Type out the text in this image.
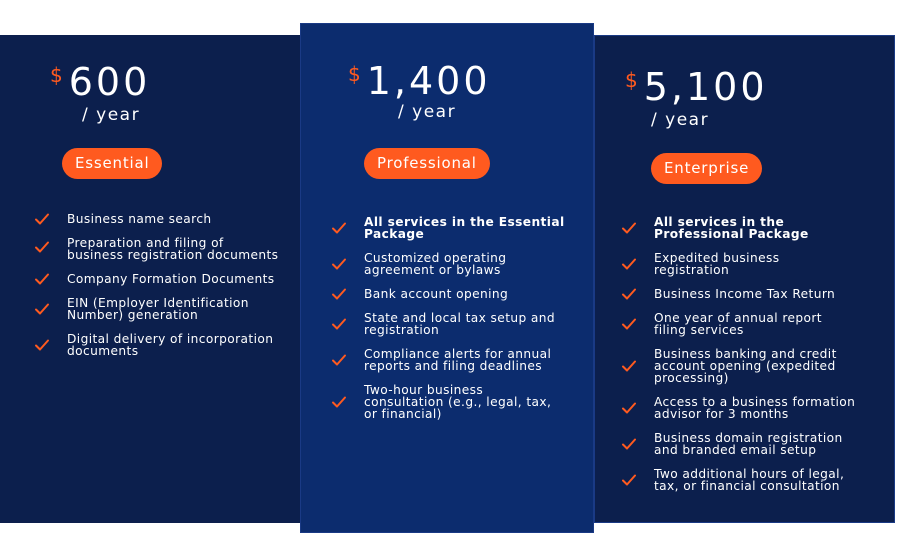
$ 600
/ year
Essential
Business name search
Preparation and filing of business registration documents
Company Formation Documents
EIN (Employer Identification Number) generation
Digital delivery of incorporation documents
$ 1,400
/ year
Professional
All services in the Essential Package
Customized operating agreement or bylaws
Bank account opening
State and local tax setup and registration
Compliance alerts for annual reports and filing deadlines
Two-hour business consultation (e.g., legal, tax, or financial)
$ 5,100
/ year
Enterprise
All services in the Professional Package
Expedited business registration
Business Income Tax Return
One year of annual report filing services
Business banking and credit account opening (expedited processing)
Access to a business formation advisor for 3 months
Business domain registration and branded email setup
Two additional hours of legal, tax, or financial consultation
